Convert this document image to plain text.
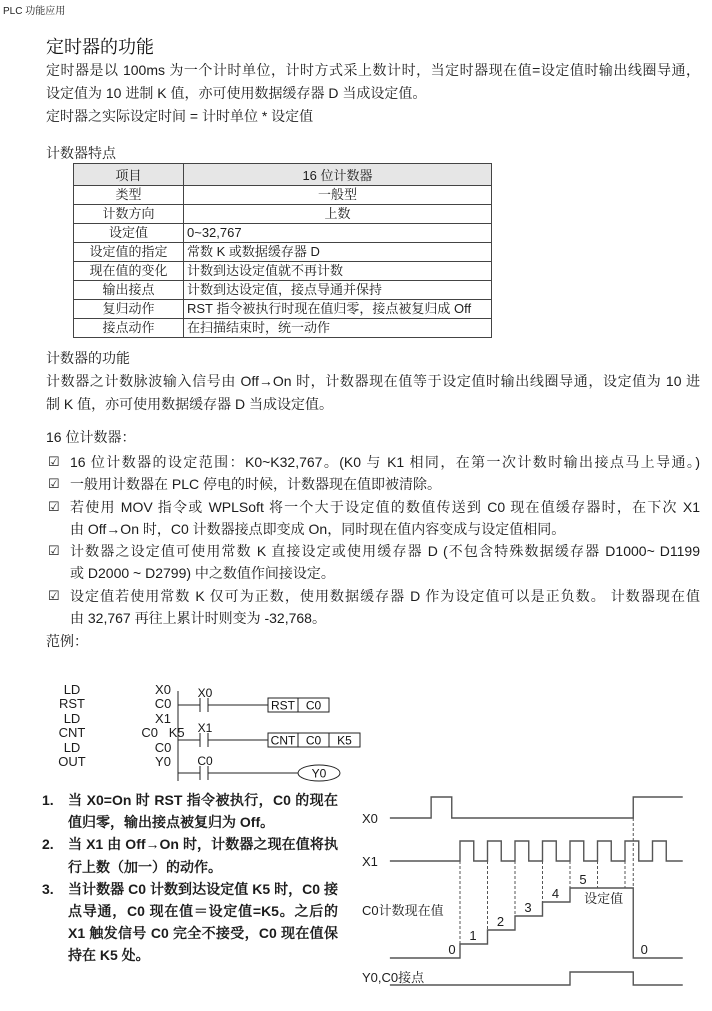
PLC 功能应用
定时器的功能
定时器是以 100ms 为一个计时单位，计时方式采上数计时，当定时器现在值=设定值时输出线圈导通，
设定值为 10 进制 K 值，亦可使用数据缓存器 D 当成设定值。
定时器之实际设定时间 = 计时单位 * 设定值
计数器特点
项目	16 位计数器
类型	一般型
计数方向	上数
设定值	0~32,767
设定值的指定	常数 K 或数据缓存器 D
现在值的变化	计数到达设定值就不再计数
输出接点	计数到达设定值，接点导通并保持
复归动作	RST 指令被执行时现在值归零，接点被复归成 Off
接点动作	在扫描结束时，统一动作
计数器的功能
计数器之计数脉波输入信号由 Off→On 时，计数器现在值等于设定值时输出线圈导通，设定值为 10 进
制 K 值，亦可使用数据缓存器 D 当成设定值。
16 位计数器：
☑ 16 位计数器的设定范围：K0~K32,767。(K0 与 K1 相同，在第一次计数时输出接点马上导通。)
☑ 一般用计数器在 PLC 停电的时候，计数器现在值即被清除。
☑ 若使用 MOV 指令或 WPLSoft 将一个大于设定值的数值传送到 C0 现在值缓存器时，在下次 X1
由 Off→On 时，C0 计数器接点即变成 On，同时现在值内容变成与设定值相同。
☑ 计数器之设定值可使用常数 K 直接设定或使用缓存器 D (不包含特殊数据缓存器 D1000~ D1199
或 D2000 ~ D2799) 中之数值作间接设定。
☑ 设定值若使用常数 K 仅可为正数，使用数据缓存器 D 作为设定值可以是正负数。 计数器现在值
由 32,767 再往上累计时则变为 -32,768。
范例：
LD	X0
RST	C0
LD	X1
CNT	C0   K5
LD	C0
OUT	Y0
X0
RST C0
X1
CNT C0 K5
C0
Y0
1.	当 X0=On 时 RST 指令被执行，C0 的现在
值归零，输出接点被复归为 Off。
2.	当 X1 由 Off→On 时，计数器之现在值将执
行上数（加一）的动作。
3.	当计数器 C0 计数到达设定值 K5 时，C0 接
点导通，C0 现在值＝设定值=K5。之后的
X1 触发信号 C0 完全不接受，C0 现在值保
持在 K5 处。
X0
X1
C0计数现在值
0
1
2
3
4
5
0
设定值
Y0,C0接点
